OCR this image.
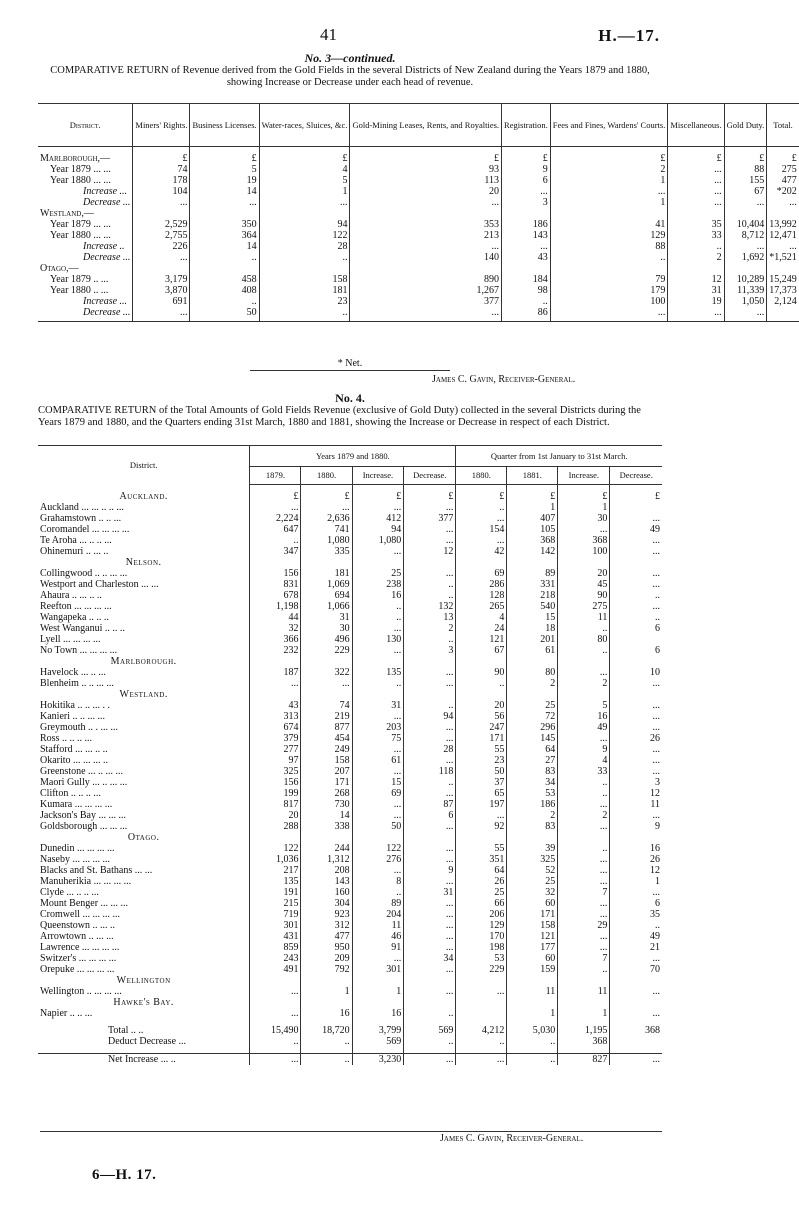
41	H.—17.
No. 3—continued.
COMPARATIVE RETURN of Revenue derived from the Gold Fields in the several Districts of New Zealand during the Years 1879 and 1880, showing Increase or Decrease under each head of revenue.
District.	Miners' Rights.	Business Licenses.	Water-races, Sluices, &c.	Gold-Mining Leases, Rents, and Royalties.	Registration.	Fees and Fines, Wardens' Courts.	Miscellaneous.	Gold Duty.	Total.

Marlborough,—	£	£	£	£	£	£	£	£	£
Year 1879 ... ...	74	5	4	93	9	2	...	88	275
Year 1880 ... ...	178	19	5	113	6	1	...	155	477
Increase ...	104	14	1	20	...	...	...	67	*202
Decrease ...	...	...	...	...	3	1	...	...	...
Westland,—									
Year 1879 ... ...	2,529	350	94	353	186	41	35	10,404	13,992
Year 1880 ... ...	2,755	364	122	213	143	129	33	8,712	12,471
Increase ..	226	14	28	...	...	88	..	...	...
Decrease ...	...	..	..	140	43	..	2	1,692	*1,521
Otago,—									
Year 1879 .. ...	3,179	458	158	890	184	79	12	10,289	15,249
Year 1880 .. ...	3,870	408	181	1,267	98	179	31	11,339	17,373
Increase ...	691	..	23	377	..	100	19	1,050	2,124
Decrease ...	...	50	..	...	86	...	...	...	
* Net.
James C. Gavin, Receiver-General.
No. 4.
COMPARATIVE RETURN of the Total Amounts of Gold Fields Revenue (exclusive of Gold Duty) collected in the several Districts during the Years 1879 and 1880, and the Quarters ending 31st March, 1880 and 1881, showing the Increase or Decrease in respect of each District.
District.	Years 1879 and 1880.				Quarter from 1st January to 31st March.			
	1879.	1880.	Increase.	Decrease.	1880.	1881.	Increase.	Decrease.

Auckland.	£	£	£	£	£	£	£	£
Auckland ... ... .. .. ...	...	...	...	...	..	1	1	
Grahamstown .. .. ...	2,224	2,636	412	377	...	407	30	...
Coromandel ... ... ... ...	647	741	94	...	154	105	...	49
Te Aroha ... .. .. ...	..	1,080	1,080	...	...	368	368	...
Ohinemuri .. ... ..	347	335	...	12	42	142	100	...
Nelson.								
Collingwood .. .. ... ...	156	181	25	...	69	89	20	...
Westport and Charleston ... ...	831	1,069	238	..	286	331	45	...
Ahaura .. ... .. ..	678	694	16	..	128	218	90	..
Reefton ... ... ... ...	1,198	1,066	..	132	265	540	275	...
Wangapeka .. .. ..	44	31	..	13	4	15	11	..
West Wanganui .. .. ..	32	30	...	2	24	18	..	6
Lyell ... ... ... ...	366	496	130	..	121	201	80	
No Town ... ... ... ...	232	229	...	3	67	61	..	6
Marlborough.								
Havelock ... .. ...	187	322	135	...	90	80	...	10
Blenheim .. .. ... ...	...	...	..	...	..	2	2	...
Westland.								
Hokitika .. .. ... . .	43	74	31	..	20	25	5	...
Kanieri .. .. ... ...	313	219	...	94	56	72	16	...
Greymouth .. . ... ...	674	877	203	...	247	296	49	...
Ross .. .. .. ...	379	454	75	...	171	145	...	26
Stafford ... ... .. ..	277	249	...	28	55	64	9	...
Okarito ... ... ... ..	97	158	61	...	23	27	4	...
Greenstone ... .. ... ...	325	207	...	118	50	83	33	...
Maori Gully ... .. ... ...	156	171	15	..	37	34	..	3
Clifton .. .. .. ...	199	268	69	...	65	53	..	12
Kumara ... ... ... ...	817	730	...	87	197	186	...	11
Jackson's Bay ... ... ...	20	14	...	6	...	2	2	...
Goldsborough ... ... ...	288	338	50	...	92	83	...	9
Otago.								
Dunedin ... ... ... ...	122	244	122	...	55	39	..	16
Naseby ... ... ... ...	1,036	1,312	276	...	351	325	...	26
Blacks and St. Bathans ... ...	217	208	...	9	64	52	...	12
Manuherikia ... ... ... ...	135	143	8	...	26	25	...	1
Clyde ... .. .. ...	191	160	..	31	25	32	7	...
Mount Benger ... ... ...	215	304	89	...	66	60	...	6
Cromwell ... ... ... ...	719	923	204	...	206	171	...	35
Queenstown .. ... ..	301	312	11	...	129	158	29	..
Arrowtown .. ... ...	431	477	46	...	170	121	...	49
Lawrence ... ... ... ...	859	950	91	...	198	177	...	21
Switzer's ... ... ... ...	243	209	...	34	53	60	7	...
Orepuke ... ... ... ...	491	792	301	...	229	159	..	70
Wellington								
Wellington .. ... ... ...	...	1	1	...	...	11	11	...
Hawke's Bay.								
Napier .. .. ...	...	16	16	..		1	1	...

Total .. ..	15,490	18,720	3,799	569	4,212	5,030	1,195	368
Deduct Decrease ...	..	..	569	..	..	..	368	

Net Increase ... ..	...	..	3,230	...	...	..	827	...
James C. Gavin, Receiver-General.
6—H. 17.
